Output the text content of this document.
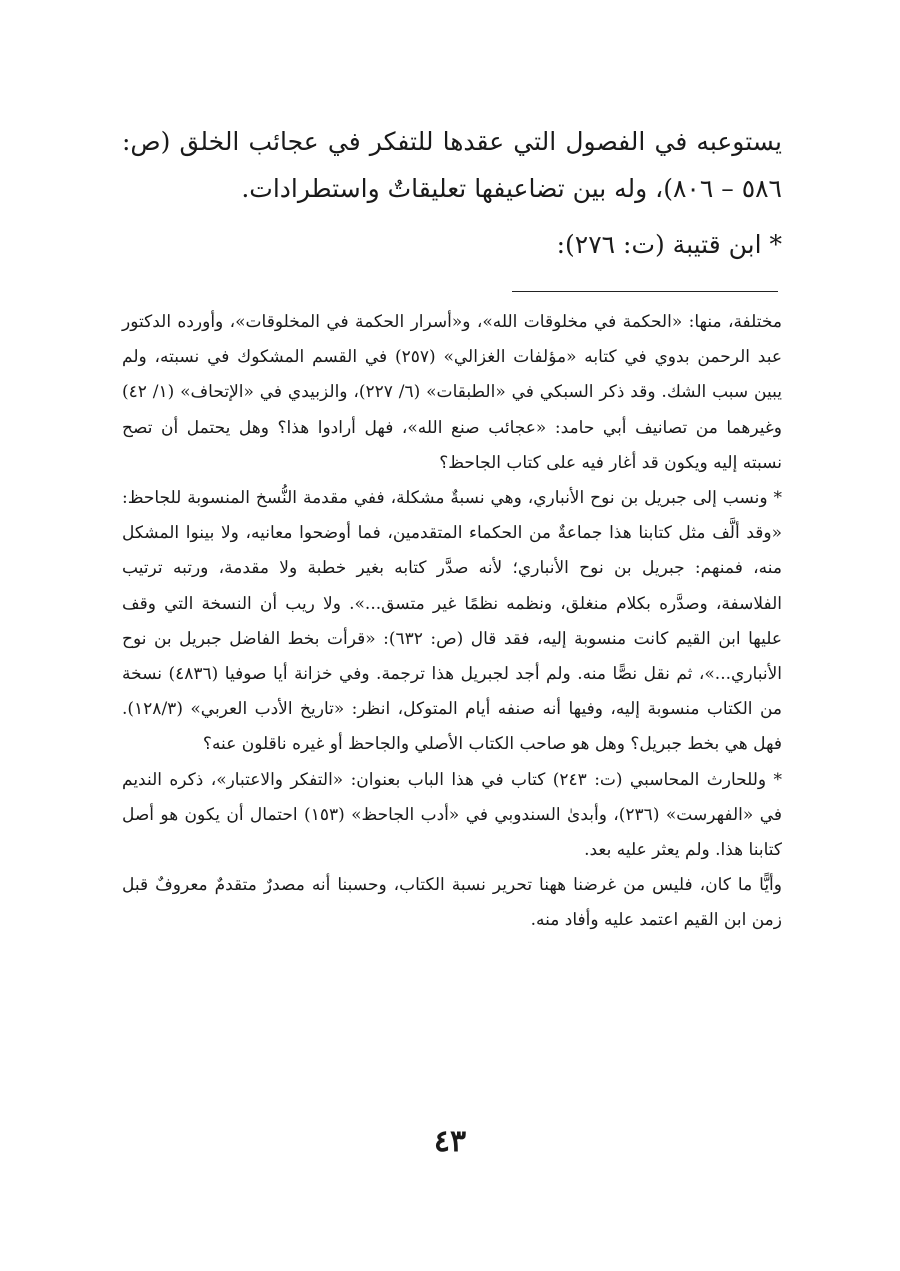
يستوعبه في الفصول التي عقدها للتفكر في عجائب الخلق (ص: ٥٨٦ – ٨٠٦)، وله بين تضاعيفها تعليقاتٌ واستطرادات.

* ابن قتيبة (ت: ٢٧٦):

مختلفة، منها: «الحكمة في مخلوقات الله»، و«أسرار الحكمة في المخلوقات»، وأورده الدكتور عبد الرحمن بدوي في كتابه «مؤلفات الغزالي» (٢٥٧) في القسم المشكوك في نسبته، ولم يبين سبب الشك. وقد ذكر السبكي في «الطبقات» (٦/ ٢٢٧)، والزبيدي في «الإتحاف» (١/ ٤٢) وغيرهما من تصانيف أبي حامد: «عجائب صنع الله»، فهل أرادوا هذا؟ وهل يحتمل أن تصح نسبته إليه ويكون قد أغار فيه على كتاب الجاحظ؟

* ونسب إلى جبريل بن نوح الأنباري، وهي نسبةٌ مشكلة، ففي مقدمة النُّسخ المنسوبة للجاحظ: «وقد ألَّف مثل كتابنا هذا جماعةٌ من الحكماء المتقدمين، فما أوضحوا معانيه، ولا بينوا المشكل منه، فمنهم: جبريل بن نوح الأنباري؛ لأنه صدَّر كتابه بغير خطبة ولا مقدمة، ورتبه ترتيب الفلاسفة، وصدَّره بكلام منغلق، ونظمه نظمًا غير متسق...». ولا ريب أن النسخة التي وقف عليها ابن القيم كانت منسوبة إليه، فقد قال (ص: ٦٣٢): «قرأت بخط الفاضل جبريل بن نوح الأنباري...»، ثم نقل نصًّا منه. ولم أجد لجبريل هذا ترجمة. وفي خزانة أيا صوفيا (٤٨٣٦) نسخة من الكتاب منسوبة إليه، وفيها أنه صنفه أيام المتوكل، انظر: «تاريخ الأدب العربي» (١٢٨/٣). فهل هي بخط جبريل؟ وهل هو صاحب الكتاب الأصلي والجاحظ أو غيره ناقلون عنه؟

* وللحارث المحاسبي (ت: ٢٤٣) كتاب في هذا الباب بعنوان: «التفكر والاعتبار»، ذكره النديم في «الفهرست» (٢٣٦)، وأبدىٰ السندوبي في «أدب الجاحظ» (١٥٣) احتمال أن يكون هو أصل كتابنا هذا. ولم يعثر عليه بعد.

وأيًّا ما كان، فليس من غرضنا ههنا تحرير نسبة الكتاب، وحسبنا أنه مصدرٌ متقدمٌ معروفٌ قبل زمن ابن القيم اعتمد عليه وأفاد منه.

٤٣
